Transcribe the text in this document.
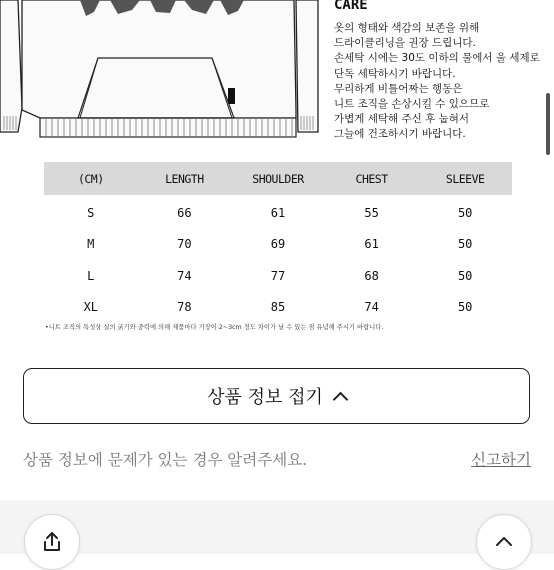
CARE
옷의 형태와 색감의 보존을 위해
드라이클리닝을 권장 드립니다.
손세탁 시에는 30도 이하의 물에서 울 세제로
단독 세탁하시기 바랍니다.
무리하게 비틀어짜는 행동은
니트 조직을 손상시킬 수 있으므로
가볍게 세탁해 주신 후 눕혀서
그늘에 건조하시기 바랍니다.
(CM)	LENGTH	SHOULDER	CHEST	SLEEVE
S	66	61	55	50
M	70	69	61	50
L	74	77	68	50
XL	78	85	74	50
•니트 조직의 특성상 실의 굵기와 중력에 의해 제품마다 기장이 2~3cm 정도 차이가 날 수 있는 점 유념해 주시기 바랍니다.
상품 정보 접기
상품 정보에 문제가 있는 경우 알려주세요.	신고하기
